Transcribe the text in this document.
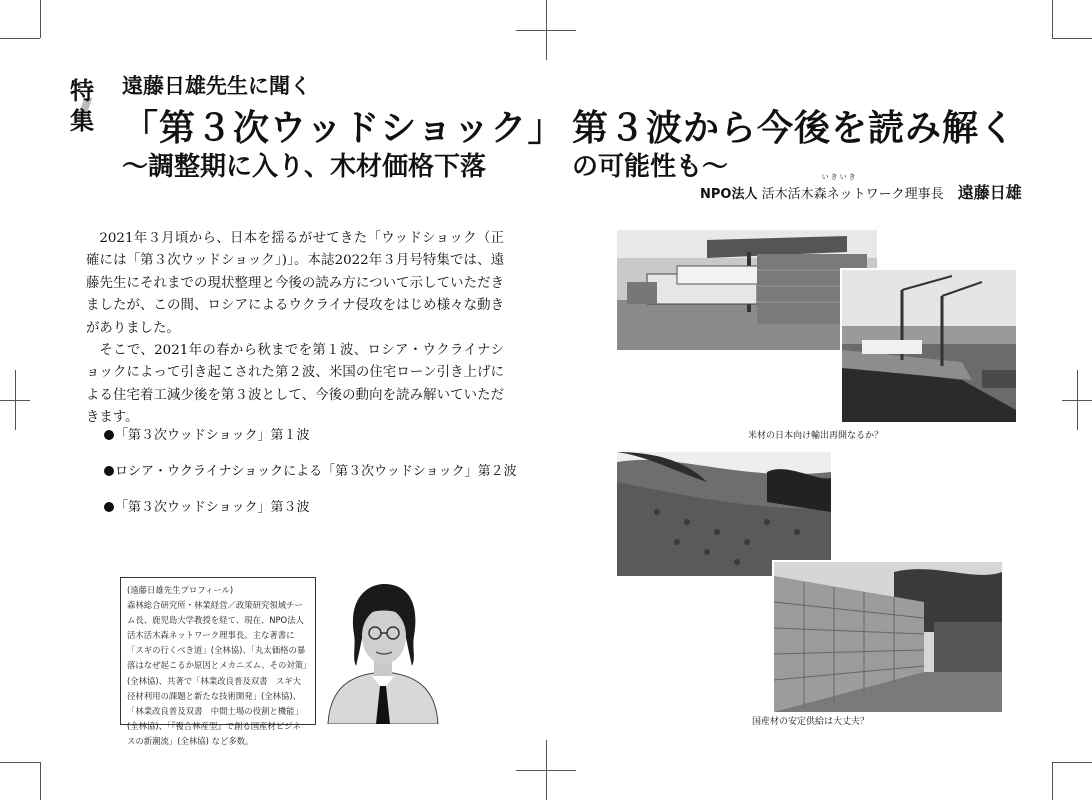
特集
遠藤日雄先生に聞く
「第３次ウッドショック」 第３波から今後を読み解く
〜調整期に入り、木材価格下落	の可能性も〜
NPO法人
いきいき
活木活木森ネットワーク理事長 遠藤日雄

2021年３月頃から、日本を揺るがせてきた「ウッドショック（正確には「第３次ウッドショック」)」。本誌2022年３月号特集では、遠藤先生にそれまでの現状整理と今後の読み方について示していただきましたが、この間、ロシアによるウクライナ侵攻をはじめ様々な動きがありました。

そこで、2021年の春から秋までを第１波、ロシア・ウクライナショックによって引き起こされた第２波、米国の住宅ローン引き上げによる住宅着工減少後を第３波として、今後の動向を読み解いていただきます。

「第３次ウッドショック」第１波
ロシア・ウクライナショックによる「第３次ウッドショック」第２波
「第３次ウッドショック」第３波
(遠藤日雄先生プロフィール)
森林総合研究所・林業経営／政策研究領域チーム長、鹿児島大学教授を経て、現在、NPO法人活木活木森ネットワーク理事長。主な著書に「スギの行くべき道」(全林協)、「丸太価格の暴落はなぜ起こるか原因とメカニズム、その対策」(全林協)、共著で「林業改良普及双書　スギ大径材利用の課題と新たな技術開発」(全林協)、「林業改良普及双書　中間土場の役割と機能」(全林協)、「『複合林産型』で創る国産材ビジネスの新潮流」(全林協) など多数。
米材の日本向け輸出再開なるか？
国産材の安定供給は大丈夫？
